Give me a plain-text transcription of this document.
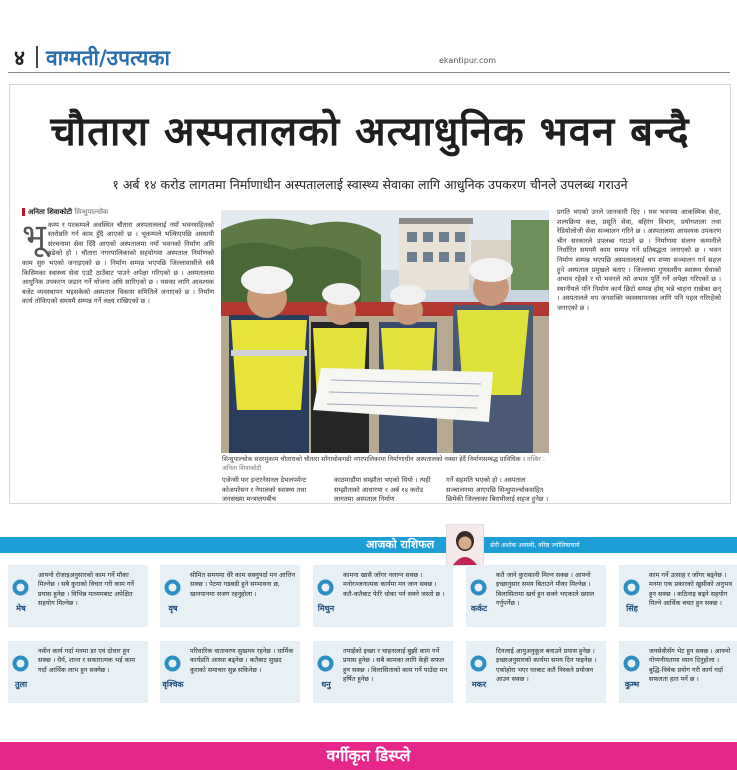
४ वाग्मती/उपत्यका	ekantipur.com
चौतारा अस्पतालको अत्याधुनिक भवन बन्दै
१ अर्ब १४ करोड लागतमा निर्माणाधीन अस्पताललाई स्वास्थ्य सेवाका लागि आधुनिक उपकरण चीनले उपलब्ध गराउने
अनिता शिवाकोटी सिन्धुपाल्चोक
भू कम्प र परकम्पले अवस्थित चौतारा अस्पताललाई नयाँ भवनसहितको स्तरोन्नति गर्न काम हुँदै आएको छ । भूकम्पले भत्किएपछि अस्थायी संरचनामा सेवा दिँदै आएको अस्पतालमा नयाँ भवनको निर्माण अघि बढेको हो । चौतारा नगरपालिकाको सहयोगमा अस्पताल निर्माणको काम सुरु भएको जनाइएको छ । निर्माण सम्पन्न भएपछि जिल्लावासीले सबै किसिमका स्वास्थ्य सेवा एउटै ठाउँबाट पाउने अपेक्षा गरिएको छ । अस्पतालमा आधुनिक उपकरण जडान गर्ने योजना अघि सारिएको छ । यसका लागि आवश्यक बजेट व्यवस्थापन भइसकेको अस्पताल विकास समितिले जनाएको छ । निर्माण कार्य तोकिएको समयमै सम्पन्न गर्ने लक्ष्य राखिएको छ ।
सिन्धुपाल्चोक सदरमुकाम चौताराको चौतारा साँगाचोकगढी नगरपालिकामा निर्माणाधीन अस्पतालको नक्सा हेर्दै निर्माणसम्बद्ध प्राविधिक । तस्बिर : अनिता शिवाकोटी
एजेन्सी फर इन्टरनेसनल डेभलपमेन्ट कोअपरेसन र नेपालको स्वास्थ्य तथा जनसंख्या मन्त्रालयबीच
काठमाडौंमा सम्झौता भएको थियो । त्यही सम्झौताको आधारमा १ अर्ब १४ करोड लागतमा अस्पताल निर्माण
गर्ने सहमति भएको हो । अस्पताल सञ्चालनमा आएपछि सिन्धुपाल्चोकसहित छिमेकी जिल्लाका बिरामीलाई सहज हुनेछ ।
प्रगति भएको उनले जानकारी दिए । यस भवनमा आकस्मिक सेवा, शल्यक्रिया कक्ष, प्रसूति सेवा, बहिरंग विभाग, प्रयोगशाला तथा रेडियोलोजी सेवा सञ्चालन गरिने छ । अस्पतालमा आवश्यक उपकरण चीन सरकारले उपलब्ध गराउने छ । निर्माणमा संलग्न कम्पनीले निर्धारित समयमै काम सम्पन्न गर्ने प्रतिबद्धता जनाएको छ । भवन निर्माण सम्पन्न भएपछि अस्पताललाई थप शय्या सञ्चालन गर्न सहज हुने अस्पताल प्रमुखले बताए । जिल्लामा गुणस्तरीय स्वास्थ्य सेवाको अभाव रहेको र यो भवनले त्यो अभाव पूर्ति गर्ने अपेक्षा गरिएको छ । स्थानीयले पनि निर्माण कार्य छिटो सम्पन्न होस् भन्ने चाहना राखेका छन् । अस्पतालले थप जनशक्ति व्यवस्थापनका लागि पनि पहल गरिरहेको जनाएको छ ।
आजको राशिफल	डोरी अशोक अवस्थी, वरिष्ठ ज्योतिषाचार्य
मेष
आफ्नो रोजाइअनुसारको काम गर्ने मौका मिल्नेछ । सबै कुराको विचार गरी काम गर्ने प्रयास हुनेछ । विभिन्न माध्यमबाट अपेक्षित सहयोग मिल्नेछ ।
वृष
सीमित समयमा धेरै काम सक्नुपर्दा मन आत्तिन सक्छ । पेटमा गडबडी हुने सम्भावना छ, खानपानमा सजग रहनुहोला ।
मिथुन
कामना खासै जाँगर नलाग्न सक्छ । मनोरञ्जनात्मक कार्यमा मन जान सक्छ । कतै-कतैबाट फेरि धोका पर्न सक्ने जस्तो छ ।
कर्कट
कतै जाने कुराकानी मिल्न सक्छ । आफ्नो इच्छानुसार समय बिताउने मौका मिल्नेछ । विलासितामा खर्च हुन सक्ने भएकाले ख्याल गर्नुपर्नेछ ।
सिंह
काम गर्ने उत्साह र जाँगर बढ्नेछ । मनमा एक प्रकारको खुसीको अनुभव हुन सक्छ । कठिनाइ बढ्ने सहयोग मिल्ने आर्थिक बचत हुन सक्छ ।
तुला
नवीन कार्य गर्दा मनमा डर एवं दोधार हुन सक्छ । धैर्य, शान्त र सकारात्मक भई काम गर्दा आर्थिक लाभ हुन सक्नेछ ।
वृश्चिक
परिवारिक वातावरण सुखमय रहनेछ । धार्मिक कार्यप्रति आस्था बढ्नेछ । कतैबाट सुखद कुराको समाचार सुन्न सकिनेछ ।
धनु
तपाईंको इच्छा र चाहनालाई बुझी काम गर्ने प्रयास हुनेछ । सबै कामका लागि केही सफल हुन सक्छ । विलासिताको काम गर्ने पाउँदा मन हर्षित हुनेछ ।
मकर
दिनलाई आयुअनुकूल बनाउने प्रयास हुनेछ । इच्छाअनुसारको कार्यमा समय दिन पाइनेछ । एकोहोरा भएर घरबाट कतै निस्कने प्रयोजन आउन सक्छ ।
कुम्भ
जनसेवीसँग भेट हुन सक्छ । आफ्नो गोप्यनीयतामा ध्यान दिनुहोला । बुद्धि-विवेक प्रयोग गरी कार्य गर्दा सफलता हात पर्ने छ ।
वर्गीकृत डिस्प्ले
